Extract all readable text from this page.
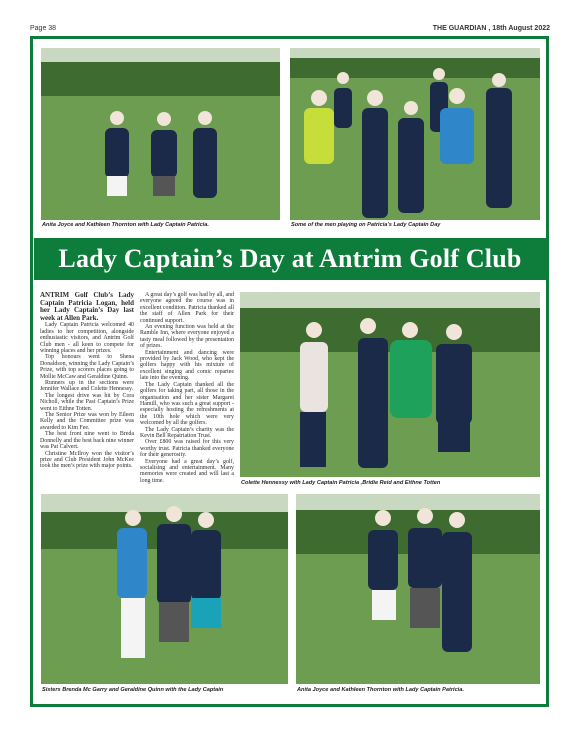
Page 38	THE GUARDIAN , 18th August 2022
Anita Joyce and Kathleen Thornton with Lady Captain Patricia.	Some of the men playing on Patricia’s Lady Captain Day
Lady Captain’s Day at Antrim Golf Club

ANTRIM Golf Club’s Lady Captain Patricia Logan, held her Lady Captain’s Day last week at Allen Park.

Lady Captain Patricia welcomed 40 ladies to her competition, alongside enthusiastic visitors, and Antrim Golf Club men - all keen to compete for winning places and her prizes.

Top honours went to Shena Donaldson, winning the Lady Captain’s Prize, with top scorers places going to Mollie McCaw and Geraldine Quinn.

Runners up in the sections were Jennifer Wallace and Colette Hennessy.

The longest drive was hit by Cora Nicholl, while the Past Captain’s Prize went to Eithne Totten.

The Senior Prize was won by Eileen Kelly and the Committee prize was awarded to Kim Fee.

The best front nine went to Breda Donnelly and the best back nine winner was Pat Calvert.

Christine McIlroy won the visitor’s prize and Club President John McKee took the men’s prize with major points.

A great day’s golf was had by all, and everyone agreed the course was in excellent condition. Patricia thanked all the staff of Allen Park for their continued support.

An evening function was held at the Ramble Inn, where everyone enjoyed a tasty meal followed by the presentation of prizes.

Entertainment and dancing were provided by Jack Wood, who kept the golfers happy with his mixture of excellent singing and comic repartee late into the evening.

The Lady Captain thanked all the golfers for taking part, all those in the organisation and her sister Margaret Hamill, who was such a great support - especially hosting the refreshments at the 10th hole which were very welcomed by all the golfers.

The Lady Captain’s charity was the Kevin Bell Repatriation Trust.

Over £800 was raised for this very worthy trust. Patricia thanked everyone for their generosity.

Everyone had a great day’s golf, socialising and entertainment. Many memories were created and will last a long time.	Colette Hennessy with Lady Captain Patricia ,Bridie Reid and Eithne Totten
Sisters Brenda Mc Garry and Geraldine Quinn with the Lady Captain	Anita Joyce and Kathleen Thornton with Lady Captain Patricia.
